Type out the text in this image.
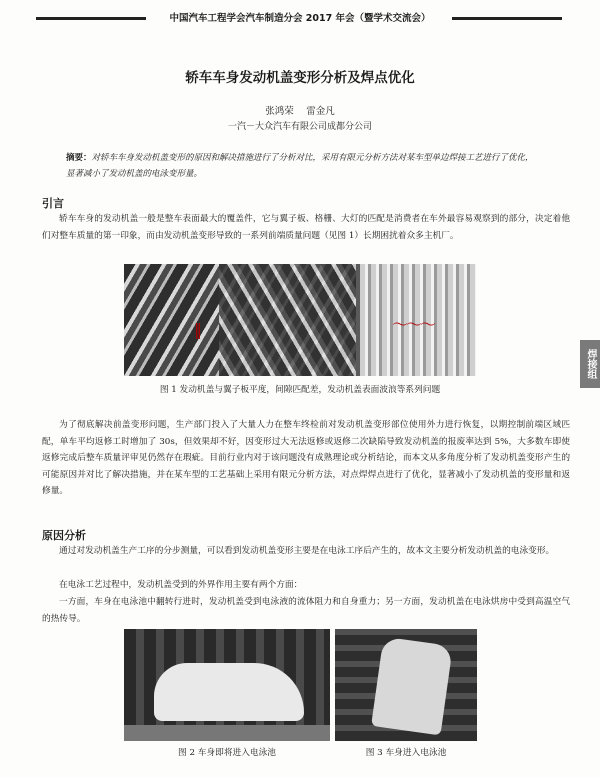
中国汽车工程学会汽车制造分会 2017 年会（暨学术交流会）
轿车车身发动机盖变形分析及焊点优化
张鸿荣　 雷金凡
一汽－大众汽车有限公司成都分公司
摘要：对轿车车身发动机盖变形的原因和解决措施进行了分析对比，采用有限元分析方法对某车型单边焊接工艺进行了优化，显著减小了发动机盖的电泳变形量。
引言
轿车车身的发动机盖一般是整车表面最大的覆盖件，它与翼子板、格栅、大灯的匹配是消费者在车外最容易观察到的部分，决定着他们对整车质量的第一印象，而由发动机盖变形导致的一系列前端质量问题（见图 1）长期困扰着众多主机厂。
‖	～～～
图 1 发动机盖与翼子板平度，间隙匹配差，发动机盖表面波浪等系列问题
为了彻底解决前盖变形问题，生产部门投入了大量人力在整车终检前对发动机盖变形部位使用外力进行恢复，以期控制前端区域匹配，单车平均返修工时增加了 30s，但效果却不好，因变形过大无法返修或返修二次缺陷导致发动机盖的报废率达到 5%，大多数车即使返修完成后整车质量评审见仍然存在瑕疵。目前行业内对于该问题没有成熟理论或分析结论，而本文从多角度分析了发动机盖变形产生的可能原因并对比了解决措施，并在某车型的工艺基础上采用有限元分析方法，对点焊焊点进行了优化，显著减小了发动机盖的变形量和返修量。
原因分析
通过对发动机盖生产工序的分步测量，可以看到发动机盖变形主要是在电泳工序后产生的，故本文主要分析发动机盖的电泳变形。
在电泳工艺过程中，发动机盖受到的外界作用主要有两个方面：
一方面，车身在电泳池中翻转行进时，发动机盖受到电泳液的流体阻力和自身重力；另一方面，发动机盖在电泳烘房中受到高温空气的热传导。
图 2 车身即将进入电泳池	图 3 车身进入电泳池
焊接组
